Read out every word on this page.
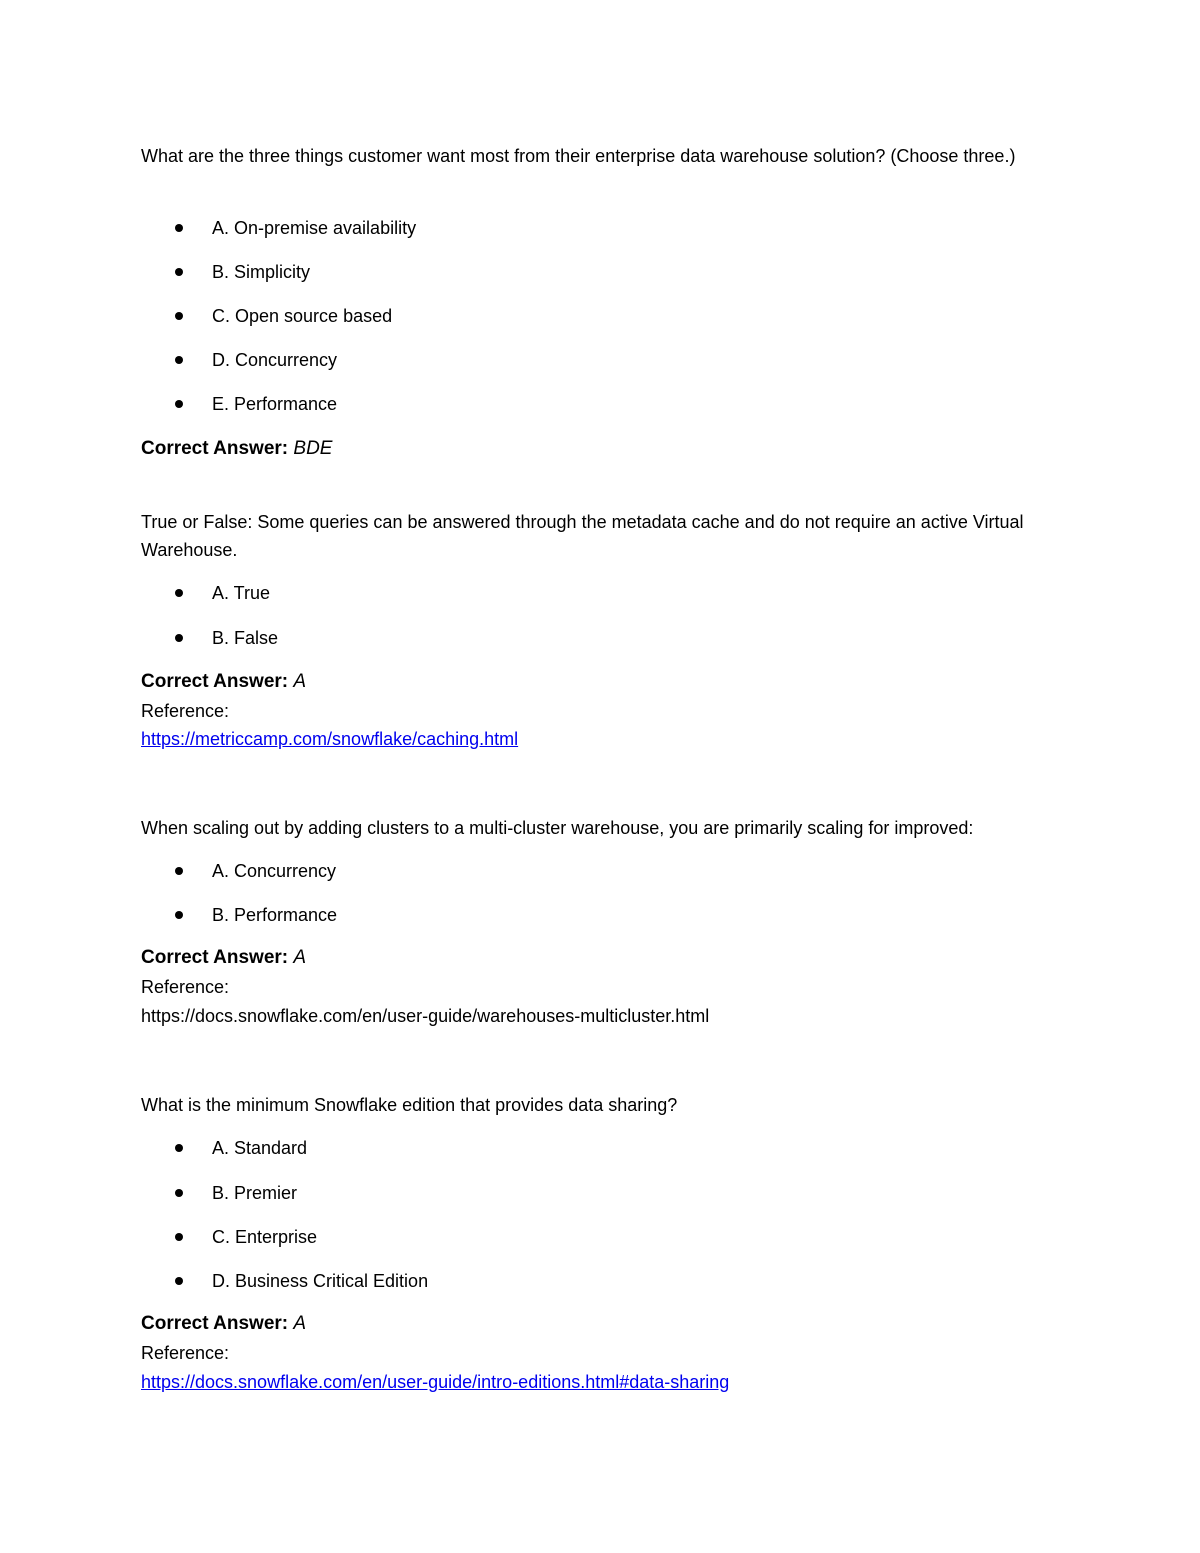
What are the three things customer want most from their enterprise data warehouse solution? (Choose three.)

A. On-premise availability

B. Simplicity

C. Open source based

D. Concurrency

E. Performance

Correct Answer: BDE

True or False: Some queries can be answered through the metadata cache and do not require an active Virtual Warehouse.

A. True

B. False

Correct Answer: A
Reference:
https://metriccamp.com/snowflake/caching.html

When scaling out by adding clusters to a multi-cluster warehouse, you are primarily scaling for improved:

A. Concurrency

B. Performance

Correct Answer: A
Reference:
https://docs.snowflake.com/en/user-guide/warehouses-multicluster.html

What is the minimum Snowflake edition that provides data sharing?

A. Standard

B. Premier

C. Enterprise

D. Business Critical Edition

Correct Answer: A
Reference:
https://docs.snowflake.com/en/user-guide/intro-editions.html#data-sharing
